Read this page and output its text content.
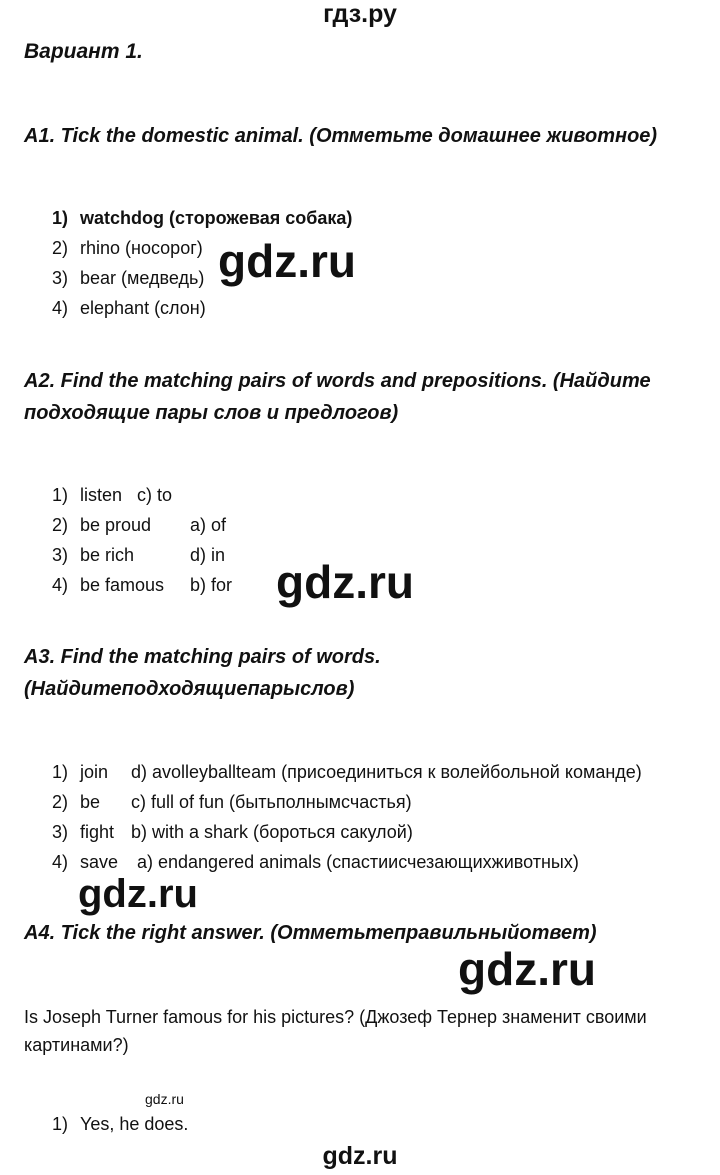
гдз.ру
Вариант 1.
A1. Tick the domestic animal. (Отметьте домашнее животное)
1) watchdog (сторожевая собака)
2) rhino (носорог)
3) bear (медведь)
4) elephant (слон)
gdz.ru
A2. Find the matching pairs of words and prepositions. (Найдите
подходящие пары слов и предлогов)
1) listen
2) be proud
3) be rich
4) be famous
c) to
a) of
d) in
b) for gdz.ru
A3. Find the matching pairs of words.
(Найдитеподходящиепарыслов)
1) join
2) be
3) fight
4) save
d) avolleyballteam (присоединиться к волейбольной команде)
c) full of fun (бытьполнымсчастья)
b) with a shark (бороться сакулой)
a) endangered animals (спастиисчезающихживотных)
gdz.ru
A4. Tick the right answer. (Отметьтеправильныйответ)
gdz.ru
Is Joseph Turner famous for his pictures? (Джозеф Тернер знаменит своими
картинами?)
gdz.ru
1) Yes, he does.
gdz.ru
